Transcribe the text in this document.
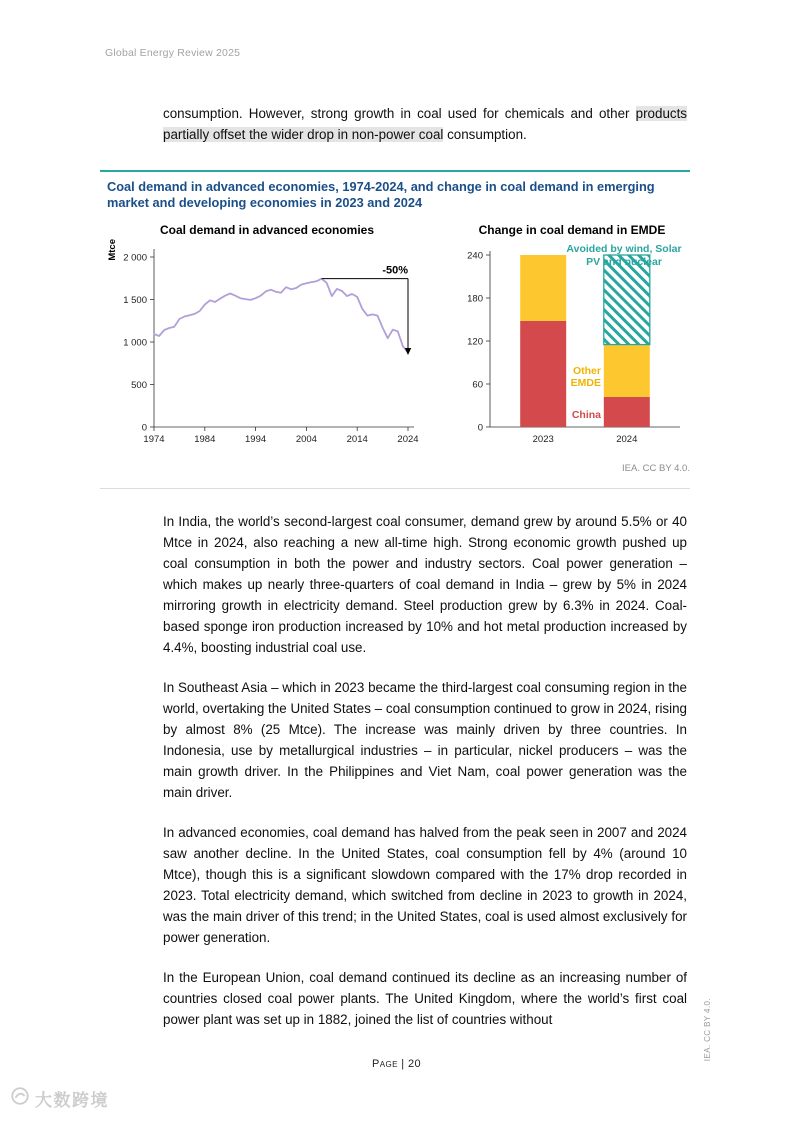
Global Energy Review 2025

consumption. However, strong growth in coal used for chemicals and other products partially offset the wider drop in non-power coal consumption.

Coal demand in advanced economies, 1974-2024, and change in coal demand in emerging market and developing economies in 2023 and 2024
Coal demand in advanced economies
Mtce
0
500
1 000
1 500
2 000
1974	1984	1994	2004	2014	2024
-50%
Change in coal demand in EMDE
0
60
120
180
240
2023	2024
Avoided by wind, Solar PV and nuclear
Other EMDE
China
IEA. CC BY 4.0.

In India, the world’s second-largest coal consumer, demand grew by around 5.5% or 40 Mtce in 2024, also reaching a new all-time high. Strong economic growth pushed up coal consumption in both the power and industry sectors. Coal power generation – which makes up nearly three-quarters of coal demand in India – grew by 5% in 2024 mirroring growth in electricity demand. Steel production grew by 6.3% in 2024. Coal-based sponge iron production increased by 10% and hot metal production increased by 4.4%, boosting industrial coal use.

In Southeast Asia – which in 2023 became the third-largest coal consuming region in the world, overtaking the United States – coal consumption continued to grow in 2024, rising by almost 8% (25 Mtce). The increase was mainly driven by three countries. In Indonesia, use by metallurgical industries – in particular, nickel producers – was the main growth driver. In the Philippines and Viet Nam, coal power generation was the main driver.

In advanced economies, coal demand has halved from the peak seen in 2007 and 2024 saw another decline. In the United States, coal consumption fell by 4% (around 10 Mtce), though this is a significant slowdown compared with the 17% drop recorded in 2023. Total electricity demand, which switched from decline in 2023 to growth in 2024, was the main driver of this trend; in the United States, coal is used almost exclusively for power generation.

In the European Union, coal demand continued its decline as an increasing number of countries closed coal power plants. The United Kingdom, where the world’s first coal power plant was set up in 1882, joined the list of countries without

Page | 20
IEA. CC BY 4.0.
大数跨境
